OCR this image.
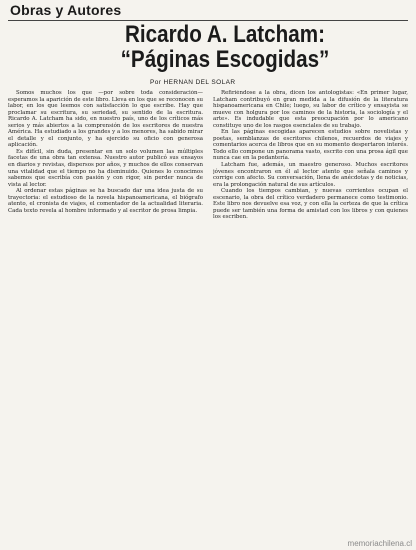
Obras y Autores
Ricardo A. Latcham:
“Páginas Escogidas”
Por HERNAN DEL SOLAR

Somos muchos los que —por sobre toda consideración— esperamos la aparición de este libro. Lleva en los que se reconocen su labor, en los que leemos con satisfacción lo que escribe. Hay que proclamar su escritura, su seriedad, su sentido de la escritura. Ricardo A. Latcham ha sido, en nuestro país, uno de los críticos más serios y más abiertos a la comprensión de los escritores de nuestra América. Ha estudiado a los grandes y a los menores, ha sabido mirar el detalle y el conjunto, y ha ejercido su oficio con generosa aplicación.

Es difícil, sin duda, presentar en un solo volumen las múltiples facetas de una obra tan extensa. Nuestro autor publicó sus ensayos en diarios y revistas, dispersos por años, y muchos de ellos conservan una vitalidad que el tiempo no ha disminuido. Quienes lo conocimos sabemos que escribía con pasión y con rigor, sin perder nunca de vista al lector.

Al ordenar estas páginas se ha buscado dar una idea justa de su trayectoria: el estudioso de la novela hispanoamericana, el biógrafo atento, el cronista de viajes, el comentador de la actualidad literaria. Cada texto revela al hombre informado y al escritor de prosa limpia.

Refiriéndose a la obra, dicen los antologistas: «En primer lugar, Latcham contribuyó en gran medida a la difusión de la literatura hispanoamericana en Chile; luego, su labor de crítico y ensayista se mueve con holgura por los caminos de la historia, la sociología y el arte». Es indudable que esta preocupación por lo americano constituye uno de los rasgos esenciales de su trabajo.

En las páginas escogidas aparecen estudios sobre novelistas y poetas, semblanzas de escritores chilenos, recuerdos de viajes y comentarios acerca de libros que en su momento despertaron interés. Todo ello compone un panorama vasto, escrito con una prosa ágil que nunca cae en la pedantería.

Latcham fue, además, un maestro generoso. Muchos escritores jóvenes encontraron en él al lector atento que señala caminos y corrige con afecto. Su conversación, llena de anécdotas y de noticias, era la prolongación natural de sus artículos.

Cuando los tiempos cambian, y nuevas corrientes ocupan el escenario, la obra del crítico verdadero permanece como testimonio. Este libro nos devuelve esa voz, y con ella la certeza de que la crítica puede ser también una forma de amistad con los libros y con quienes los escriben.

memoriachilena.cl
